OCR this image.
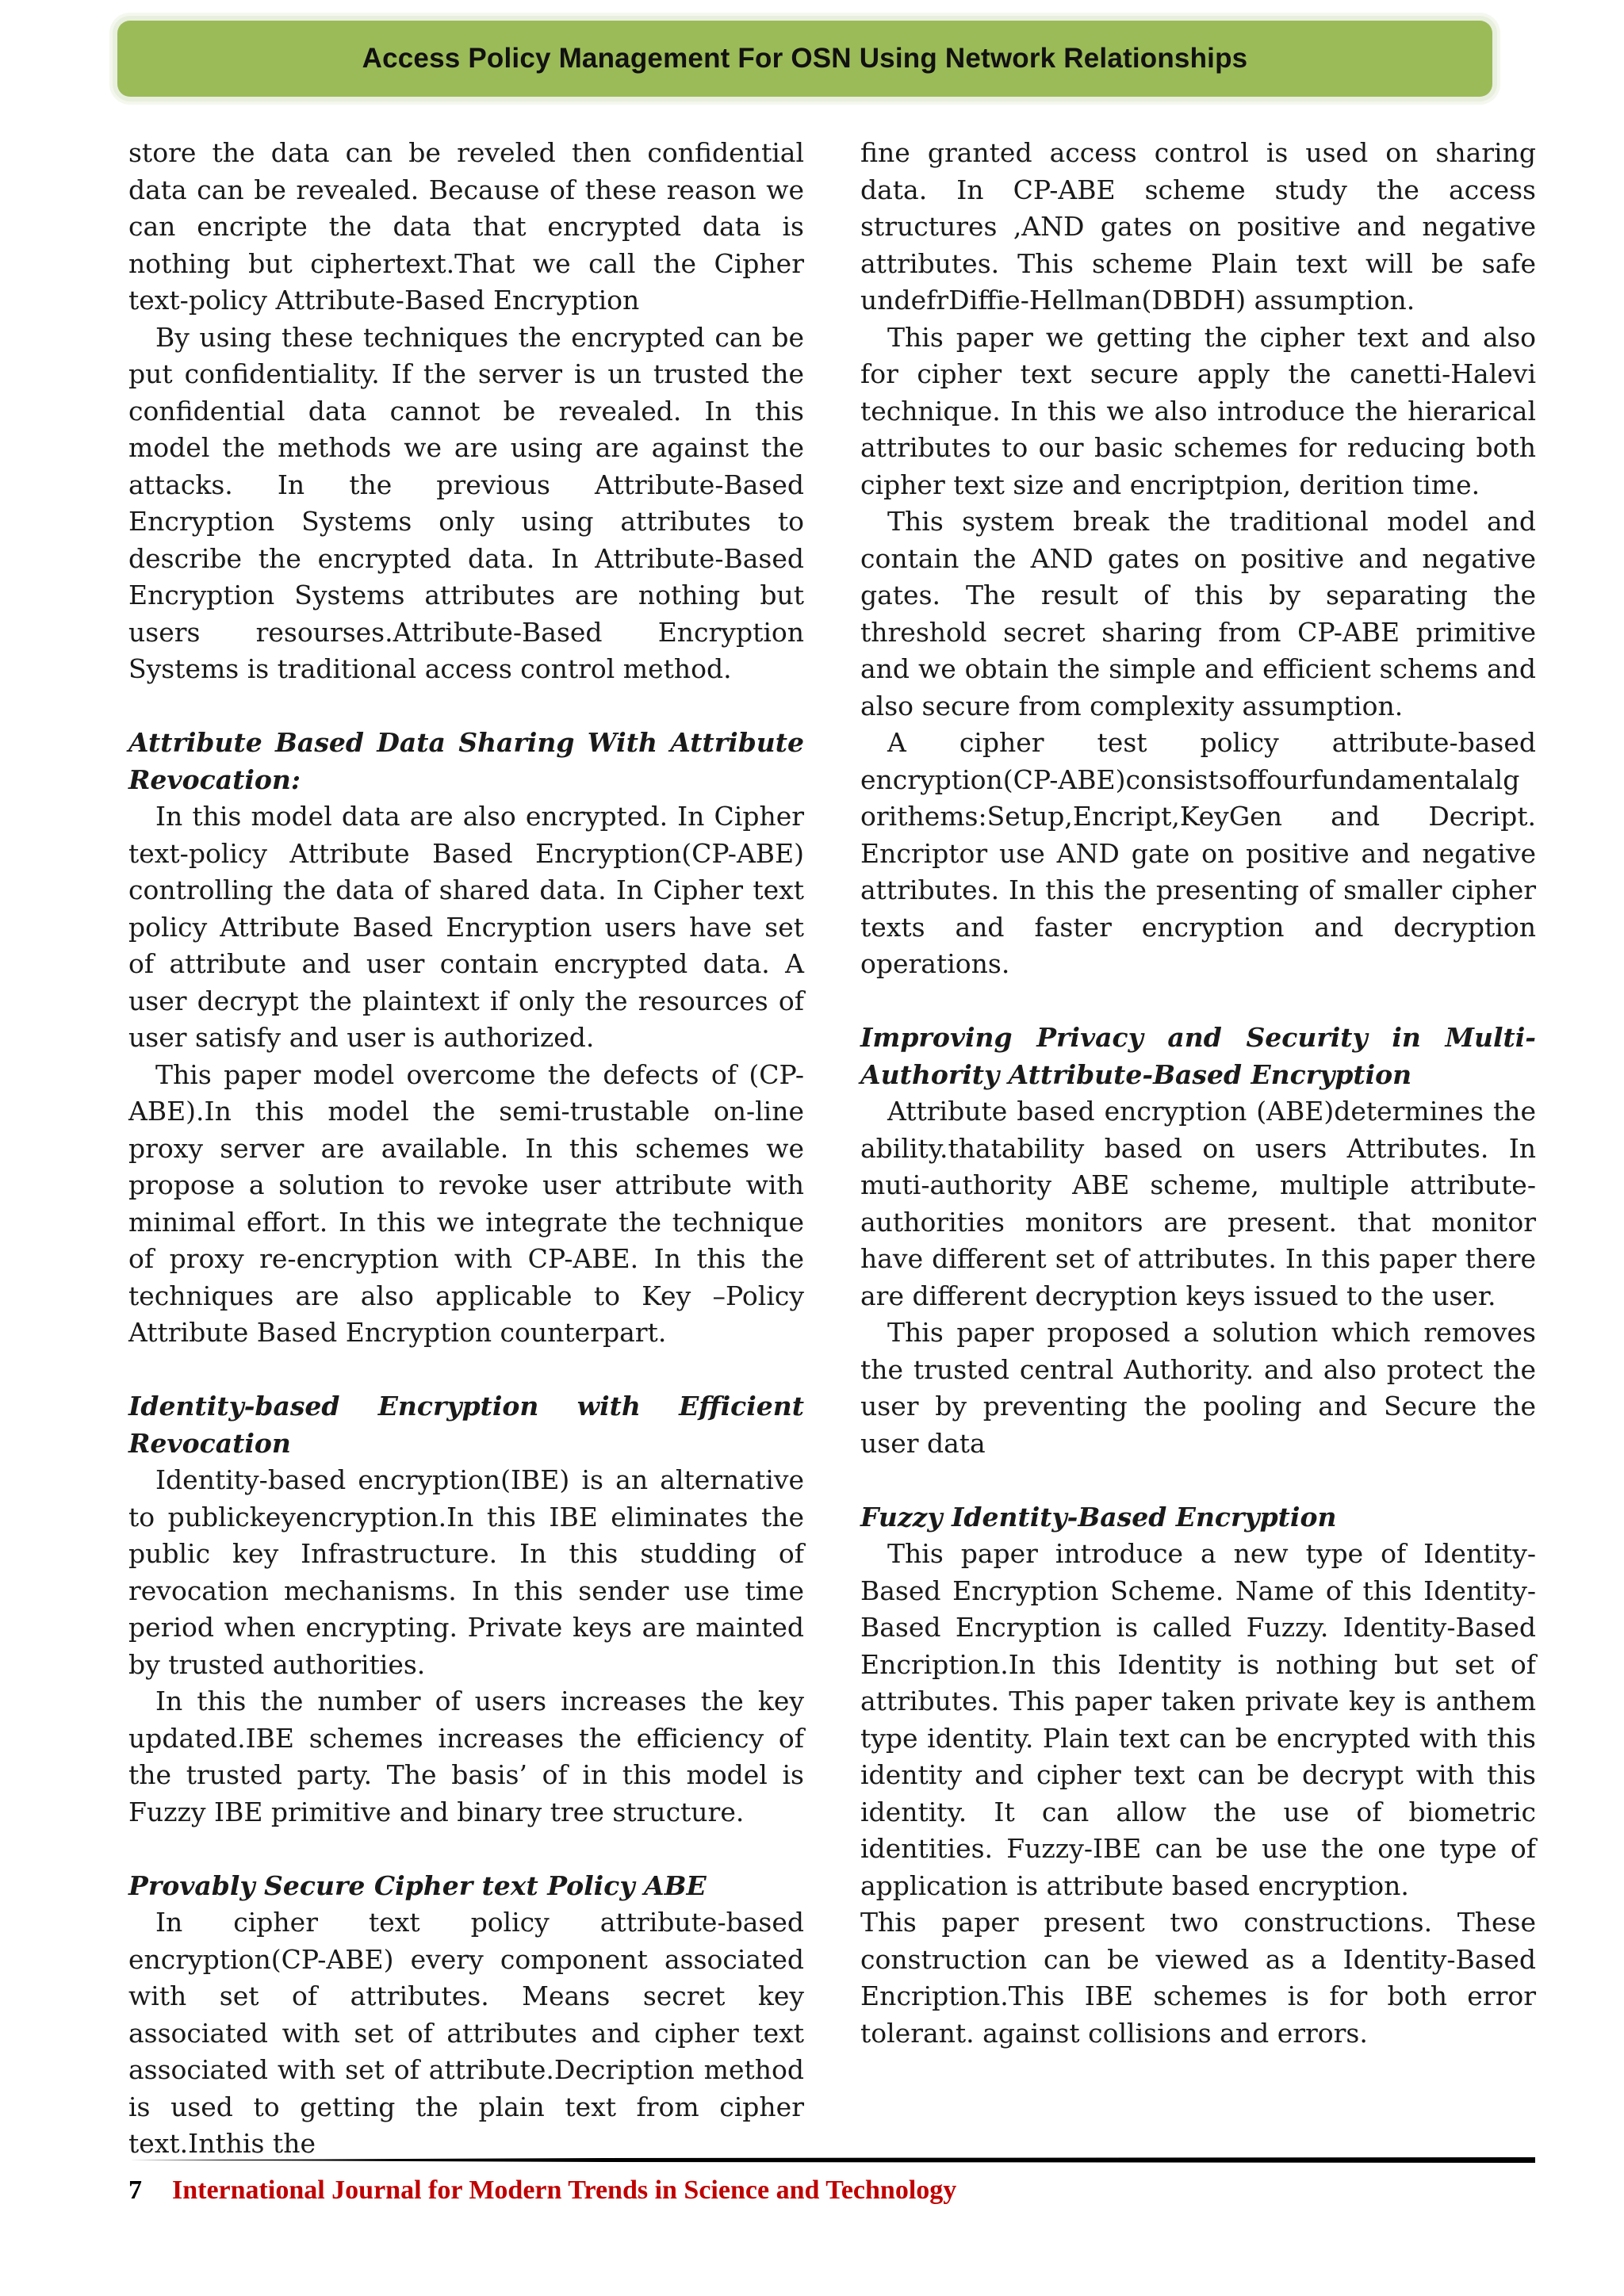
Access Policy Management For OSN Using Network Relationships

store the data can be reveled then confidential data can be revealed. Because of these reason we can encripte the data that encrypted data is nothing but ciphertext.That we call the Cipher text-policy Attribute-Based Encryption

By using these techniques the encrypted can be put confidentiality. If the server is un trusted the confidential data cannot be revealed. In this model the methods we are using are against the attacks. In the previous Attribute-Based Encryption Systems only using attributes to describe the encrypted data. In Attribute-Based Encryption Systems attributes are nothing but users resourses.Attribute-Based Encryption Systems is traditional access control method.

Attribute Based Data Sharing With Attribute Revocation:

In this model data are also encrypted. In Cipher text-policy Attribute Based Encryption(CP-ABE) controlling the data of shared data. In Cipher text policy Attribute Based Encryption users have set of attribute and user contain encrypted data. A user decrypt the plaintext if only the resources of user satisfy and user is authorized.

This paper model overcome the defects of (CP-ABE).In this model the semi-trustable on-line proxy server are available. In this schemes we propose a solution to revoke user attribute with minimal effort. In this we integrate the technique of proxy re-encryption with CP-ABE. In this the techniques are also applicable to Key –Policy Attribute Based Encryption counterpart.

Identity-based Encryption with Efficient Revocation

Identity-based encryption(IBE) is an alternative to publickeyencryption.In this IBE eliminates the public key Infrastructure. In this studding of revocation mechanisms. In this sender use time period when encrypting. Private keys are mainted by trusted authorities.

In this the number of users increases the key updated.IBE schemes increases the efficiency of the trusted party. The basis’ of in this model is Fuzzy IBE primitive and binary tree structure.

Provably Secure Cipher text Policy ABE

In cipher text policy attribute-based encryption(CP-ABE) every component associated with set of attributes. Means secret key associated with set of attributes and cipher text associated with set of attribute.Decription method is used to getting the plain text from cipher text.Inthis the

fine granted access control is used on sharing data. In CP-ABE scheme study the access structures ,AND gates on positive and negative attributes. This scheme Plain text will be safe undefrDiffie-Hellman(DBDH) assumption.

This paper we getting the cipher text and also for cipher text secure apply the canetti-Halevi technique. In this we also introduce the hierarical attributes to our basic schemes for reducing both cipher text size and encriptpion, derition time.

This system break the traditional model and contain the AND gates on positive and negative gates. The result of this by separating the threshold secret sharing from CP-ABE primitive and we obtain the simple and efficient schems and also secure from complexity assumption.

A cipher test policy attribute-based encryption(CP-ABE)consistsoffourfundamentalalg orithems:Setup,Encript,KeyGen and Decript. Encriptor use AND gate on positive and negative attributes. In this the presenting of smaller cipher texts and faster encryption and decryption operations.

Improving Privacy and Security in Multi-Authority Attribute-Based Encryption

Attribute based encryption (ABE)determines the ability.thatability based on users Attributes. In muti-authority ABE scheme, multiple attribute-authorities monitors are present. that monitor have different set of attributes. In this paper there are different decryption keys issued to the user.

This paper proposed a solution which removes the trusted central Authority. and also protect the user by preventing the pooling and Secure the user data

Fuzzy Identity-Based Encryption

This paper introduce a new type of Identity-Based Encryption Scheme. Name of this Identity-Based Encryption is called Fuzzy. Identity-Based Encription.In this Identity is nothing but set of attributes. This paper taken private key is anthem type identity. Plain text can be encrypted with this identity and cipher text can be decrypt with this identity. It can allow the use of biometric identities. Fuzzy-IBE can be use the one type of application is attribute based encryption.

This paper present two constructions. These construction can be viewed as a Identity-Based Encription.This IBE schemes is for both error tolerant. against collisions and errors.

7 International Journal for Modern Trends in Science and Technology
